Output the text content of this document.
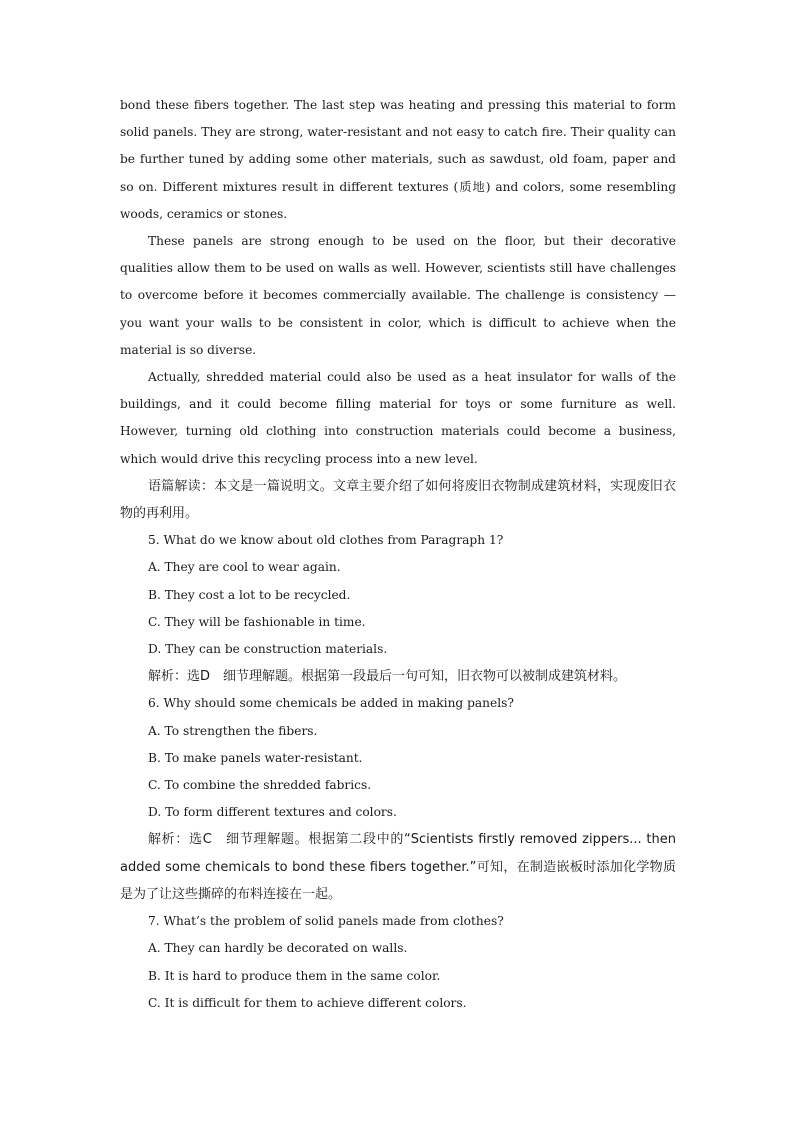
bond these fibers together. The last step was heating and pressing this material to form solid panels. They are strong, water-resistant and not easy to catch fire. Their quality can be further tuned by adding some other materials, such as sawdust, old foam, paper and so on. Different mixtures result in different textures (质地) and colors, some resembling woods, ceramics or stones.

These panels are strong enough to be used on the floor, but their decorative qualities allow them to be used on walls as well. However, scientists still have challenges to overcome before it becomes commercially available. The challenge is consistency — you want your walls to be consistent in color, which is difficult to achieve when the material is so diverse.

Actually, shredded material could also be used as a heat insulator for walls of the buildings, and it could become filling material for toys or some furniture as well. However, turning old clothing into construction materials could become a business, which would drive this recycling process into a new level.

语篇解读：本文是一篇说明文。文章主要介绍了如何将废旧衣物制成建筑材料，实现废旧衣物的再利用。

5. What do we know about old clothes from Paragraph 1?

A. They are cool to wear again.

B. They cost a lot to be recycled.

C. They will be fashionable in time.

D. They can be construction materials.

解析：选D　细节理解题。根据第一段最后一句可知，旧衣物可以被制成建筑材料。

6. Why should some chemicals be added in making panels?

A. To strengthen the fibers.

B. To make panels water-resistant.

C. To combine the shredded fabrics.

D. To form different textures and colors.

解析：选C　细节理解题。根据第二段中的“Scientists firstly removed zippers... then added some chemicals to bond these fibers together.”可知，在制造嵌板时添加化学物质是为了让这些撕碎的布料连接在一起。

7. What’s the problem of solid panels made from clothes?

A. They can hardly be decorated on walls.

B. It is hard to produce them in the same color.

C. It is difficult for them to achieve different colors.
